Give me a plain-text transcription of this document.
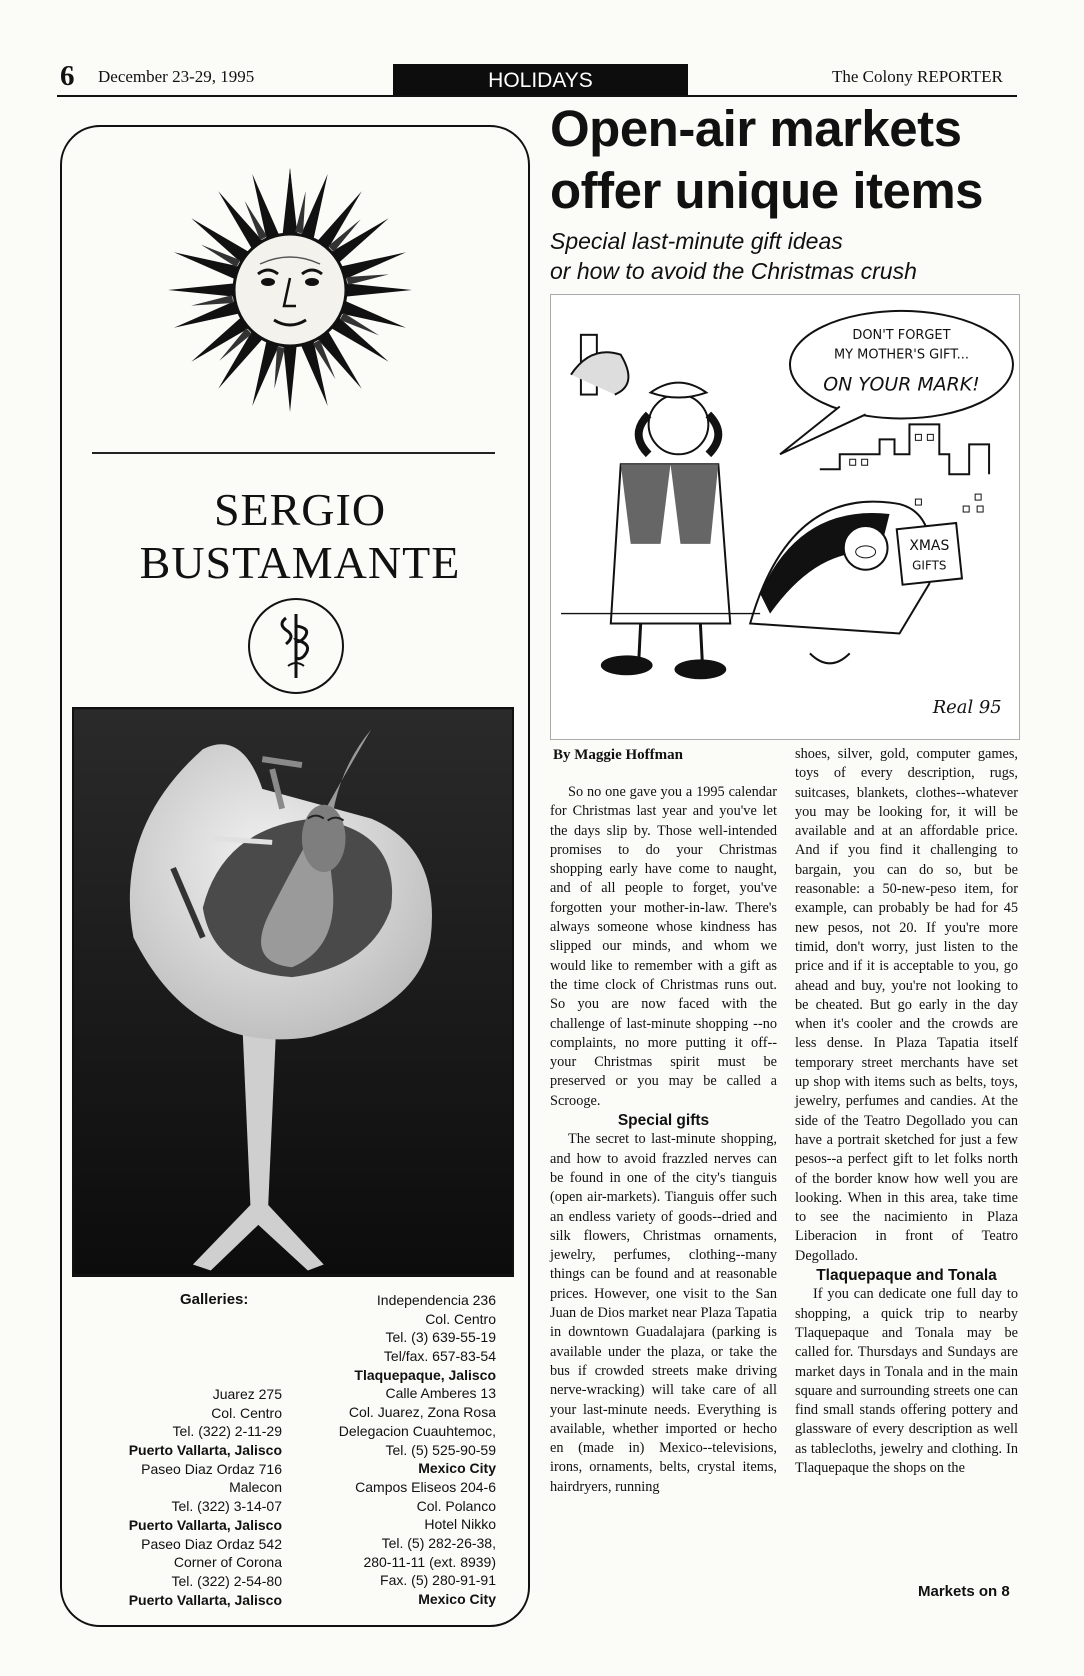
6 December 23-29, 1995	HOLIDAYS	The Colony REPORTER
SERGIO BUSTAMANTE
Galleries:
Juarez 275
Col. Centro
Tel. (322) 2-11-29
Puerto Vallarta, Jalisco
Paseo Diaz Ordaz 716
Malecon
Tel. (322) 3-14-07
Puerto Vallarta, Jalisco
Paseo Diaz Ordaz 542
Corner of Corona
Tel. (322) 2-54-80
Puerto Vallarta, Jalisco
Independencia 236
Col. Centro
Tel. (3) 639-55-19
Tel/fax. 657-83-54
Tlaquepaque, Jalisco
Calle Amberes 13
Col. Juarez, Zona Rosa
Delegacion Cuauhtemoc,
Tel. (5) 525-90-59
Mexico City
Campos Eliseos 204-6
Col. Polanco
Hotel Nikko
Tel. (5) 282-26-38,
280-11-11 (ext. 8939)
Fax. (5) 280-91-91
Mexico City
Open-air markets
offer unique items
Special last-minute gift ideas
or how to avoid the Christmas crush
DON'T FORGET
MY MOTHER'S GIFT...
ON YOUR MARK!
XMAS
GIFTS
Real 95
By Maggie Hoffman

So no one gave you a 1995 calendar for Christmas last year and you've let the days slip by. Those well-intended promises to do your Christmas shopping early have come to naught, and of all people to forget, you've forgotten your mother-in-law. There's always someone whose kindness has slipped our minds, and whom we would like to remember with a gift as the time clock of Christmas runs out. So you are now faced with the challenge of last-minute shopping --no complaints, no more putting it off--your Christmas spirit must be preserved or you may be called a Scrooge.

Special gifts

The secret to last-minute shopping, and how to avoid frazzled nerves can be found in one of the city's tianguis (open air-markets). Tianguis offer such an endless variety of goods--dried and silk flowers, Christmas ornaments, jewelry, perfumes, clothing--many things can be found and at reasonable prices. However, one visit to the San Juan de Dios market near Plaza Tapatia in downtown Guadalajara (parking is available under the plaza, or take the bus if crowded streets make driving nerve-wracking) will take care of all your last-minute needs. Everything is available, whether imported or hecho en (made in) Mexico--televisions, irons, ornaments, belts, crystal items, hairdryers, running

shoes, silver, gold, computer games, toys of every description, rugs, suitcases, blankets, clothes--whatever you may be looking for, it will be available and at an affordable price. And if you find it challenging to bargain, you can do so, but be reasonable: a 50-new-peso item, for example, can probably be had for 45 new pesos, not 20. If you're more timid, don't worry, just listen to the price and if it is acceptable to you, go ahead and buy, you're not looking to be cheated. But go early in the day when it's cooler and the crowds are less dense. In Plaza Tapatia itself temporary street merchants have set up shop with items such as belts, toys, jewelry, perfumes and candies. At the side of the Teatro Degollado you can have a portrait sketched for just a few pesos--a perfect gift to let folks north of the border know how well you are looking. When in this area, take time to see the nacimiento in Plaza Liberacion in front of Teatro Degollado.

Tlaquepaque and Tonala

If you can dedicate one full day to shopping, a quick trip to nearby Tlaquepaque and Tonala may be called for. Thursdays and Sundays are market days in Tonala and in the main square and surrounding streets one can find small stands offering pottery and glassware of every description as well as tablecloths, jewelry and clothing. In Tlaquepaque the shops on the

Markets on 8
